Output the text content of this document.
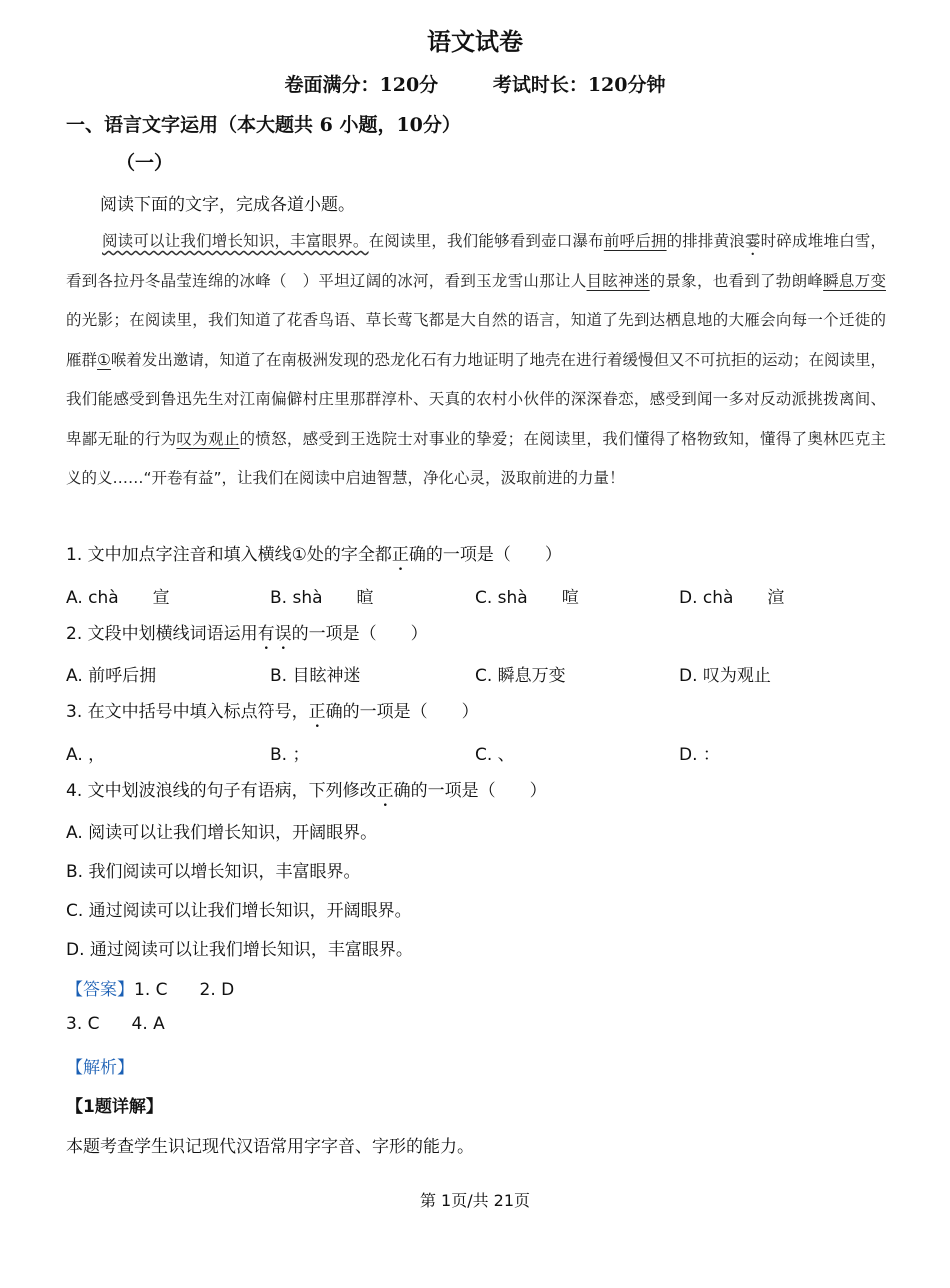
语文试卷
卷面满分：120分	考试时长：120分钟
一、语言文字运用（本大题共 6 小题，10分）
（一）
阅读下面的文字，完成各道小题。
阅读可以让我们增长知识，丰富眼界。在阅读里，我们能够看到壶口瀑布前呼后拥的排排黄浪霎时碎成堆堆白雪，看到各拉丹冬晶莹连绵的冰峰（　）平坦辽阔的冰河，看到玉龙雪山那让人目眩神迷的景象，也看到了勃朗峰瞬息万变的光影；在阅读里，我们知道了花香鸟语、草长莺飞都是大自然的语言，知道了先到达栖息地的大雁会向每一个迁徙的雁群①喉着发出邀请，知道了在南极洲发现的恐龙化石有力地证明了地壳在进行着缓慢但又不可抗拒的运动；在阅读里，我们能感受到鲁迅先生对江南偏僻村庄里那群淳朴、天真的农村小伙伴的深深眷恋，感受到闻一多对反动派挑拨离间、卑鄙无耻的行为叹为观止的愤怒，感受到王选院士对事业的挚爱；在阅读里，我们懂得了格物致知，懂得了奥林匹克主义的义……“开卷有益”，让我们在阅读中启迪智慧，净化心灵，汲取前进的力量！
1. 文中加点字注音和填入横线①处的字全都正确的一项是（　　）
A. chà　　宣	B. shà　　暄	C. shà　　喧	D. chà　　渲
2. 文段中划横线词语运用有误的一项是（　　）
A. 前呼后拥	B. 目眩神迷	C. 瞬息万变	D. 叹为观止
3. 在文中括号中填入标点符号，正确的一项是（　　）
A. ，	B. ；	C. 、	D. ：
4. 文中划波浪线的句子有语病，下列修改正确的一项是（　　）
A. 阅读可以让我们增长知识，开阔眼界。
B. 我们阅读可以增长知识，丰富眼界。
C. 通过阅读可以让我们增长知识，开阔眼界。
D. 通过阅读可以让我们增长知识，丰富眼界。
【答案】1. C 2. D
3. C 4. A
【解析】
【1题详解】
本题考查学生识记现代汉语常用字字音、字形的能力。
第 1页/共 21页
